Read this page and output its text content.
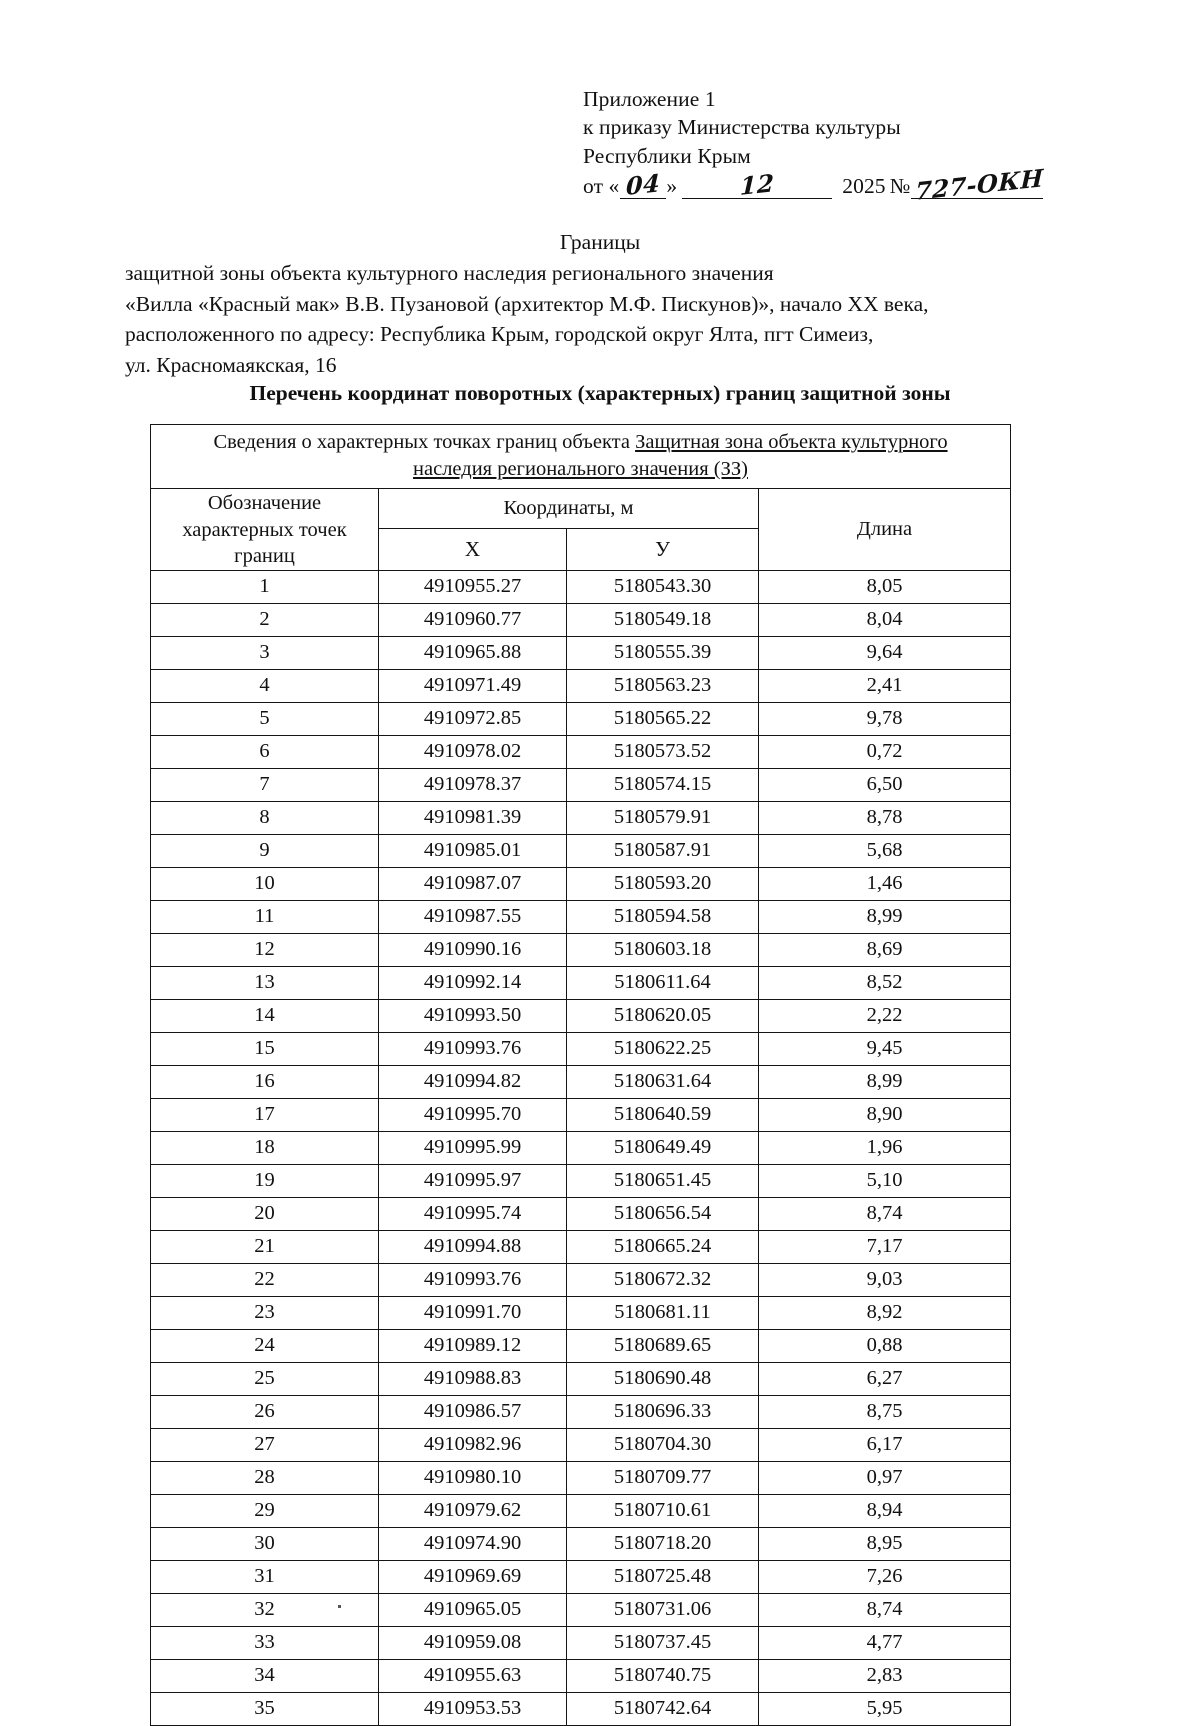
Приложение 1
к приказу Министерства культуры
Республики Крым
от « 04 »	12	2025 № 727-ОКН
Границы
защитной зоны объекта культурного наследия регионального значения
«Вилла «Красный мак» В.В. Пузановой (архитектор М.Ф. Пискунов)», начало XX века,
расположенного по адресу: Республика Крым, городской округ Ялта, пгт Симеиз,
ул. Красномаякская, 16
Перечень координат поворотных (характерных) границ защитной зоны
Сведения о характерных точках границ объекта Защитная зона объекта культурного
наследия регионального значения (ЗЗ)			
Обозначение характерных точек границ	Координаты, м		Длина
	X	У	
1	4910955.27	5180543.30	8,05
2	4910960.77	5180549.18	8,04
3	4910965.88	5180555.39	9,64
4	4910971.49	5180563.23	2,41
5	4910972.85	5180565.22	9,78
6	4910978.02	5180573.52	0,72
7	4910978.37	5180574.15	6,50
8	4910981.39	5180579.91	8,78
9	4910985.01	5180587.91	5,68
10	4910987.07	5180593.20	1,46
11	4910987.55	5180594.58	8,99
12	4910990.16	5180603.18	8,69
13	4910992.14	5180611.64	8,52
14	4910993.50	5180620.05	2,22
15	4910993.76	5180622.25	9,45
16	4910994.82	5180631.64	8,99
17	4910995.70	5180640.59	8,90
18	4910995.99	5180649.49	1,96
19	4910995.97	5180651.45	5,10
20	4910995.74	5180656.54	8,74
21	4910994.88	5180665.24	7,17
22	4910993.76	5180672.32	9,03
23	4910991.70	5180681.11	8,92
24	4910989.12	5180689.65	0,88
25	4910988.83	5180690.48	6,27
26	4910986.57	5180696.33	8,75
27	4910982.96	5180704.30	6,17
28	4910980.10	5180709.77	0,97
29	4910979.62	5180710.61	8,94
30	4910974.90	5180718.20	8,95
31	4910969.69	5180725.48	7,26
32	4910965.05	5180731.06	8,74
33	4910959.08	5180737.45	4,77
34	4910955.63	5180740.75	2,83
35	4910953.53	5180742.64	5,95
